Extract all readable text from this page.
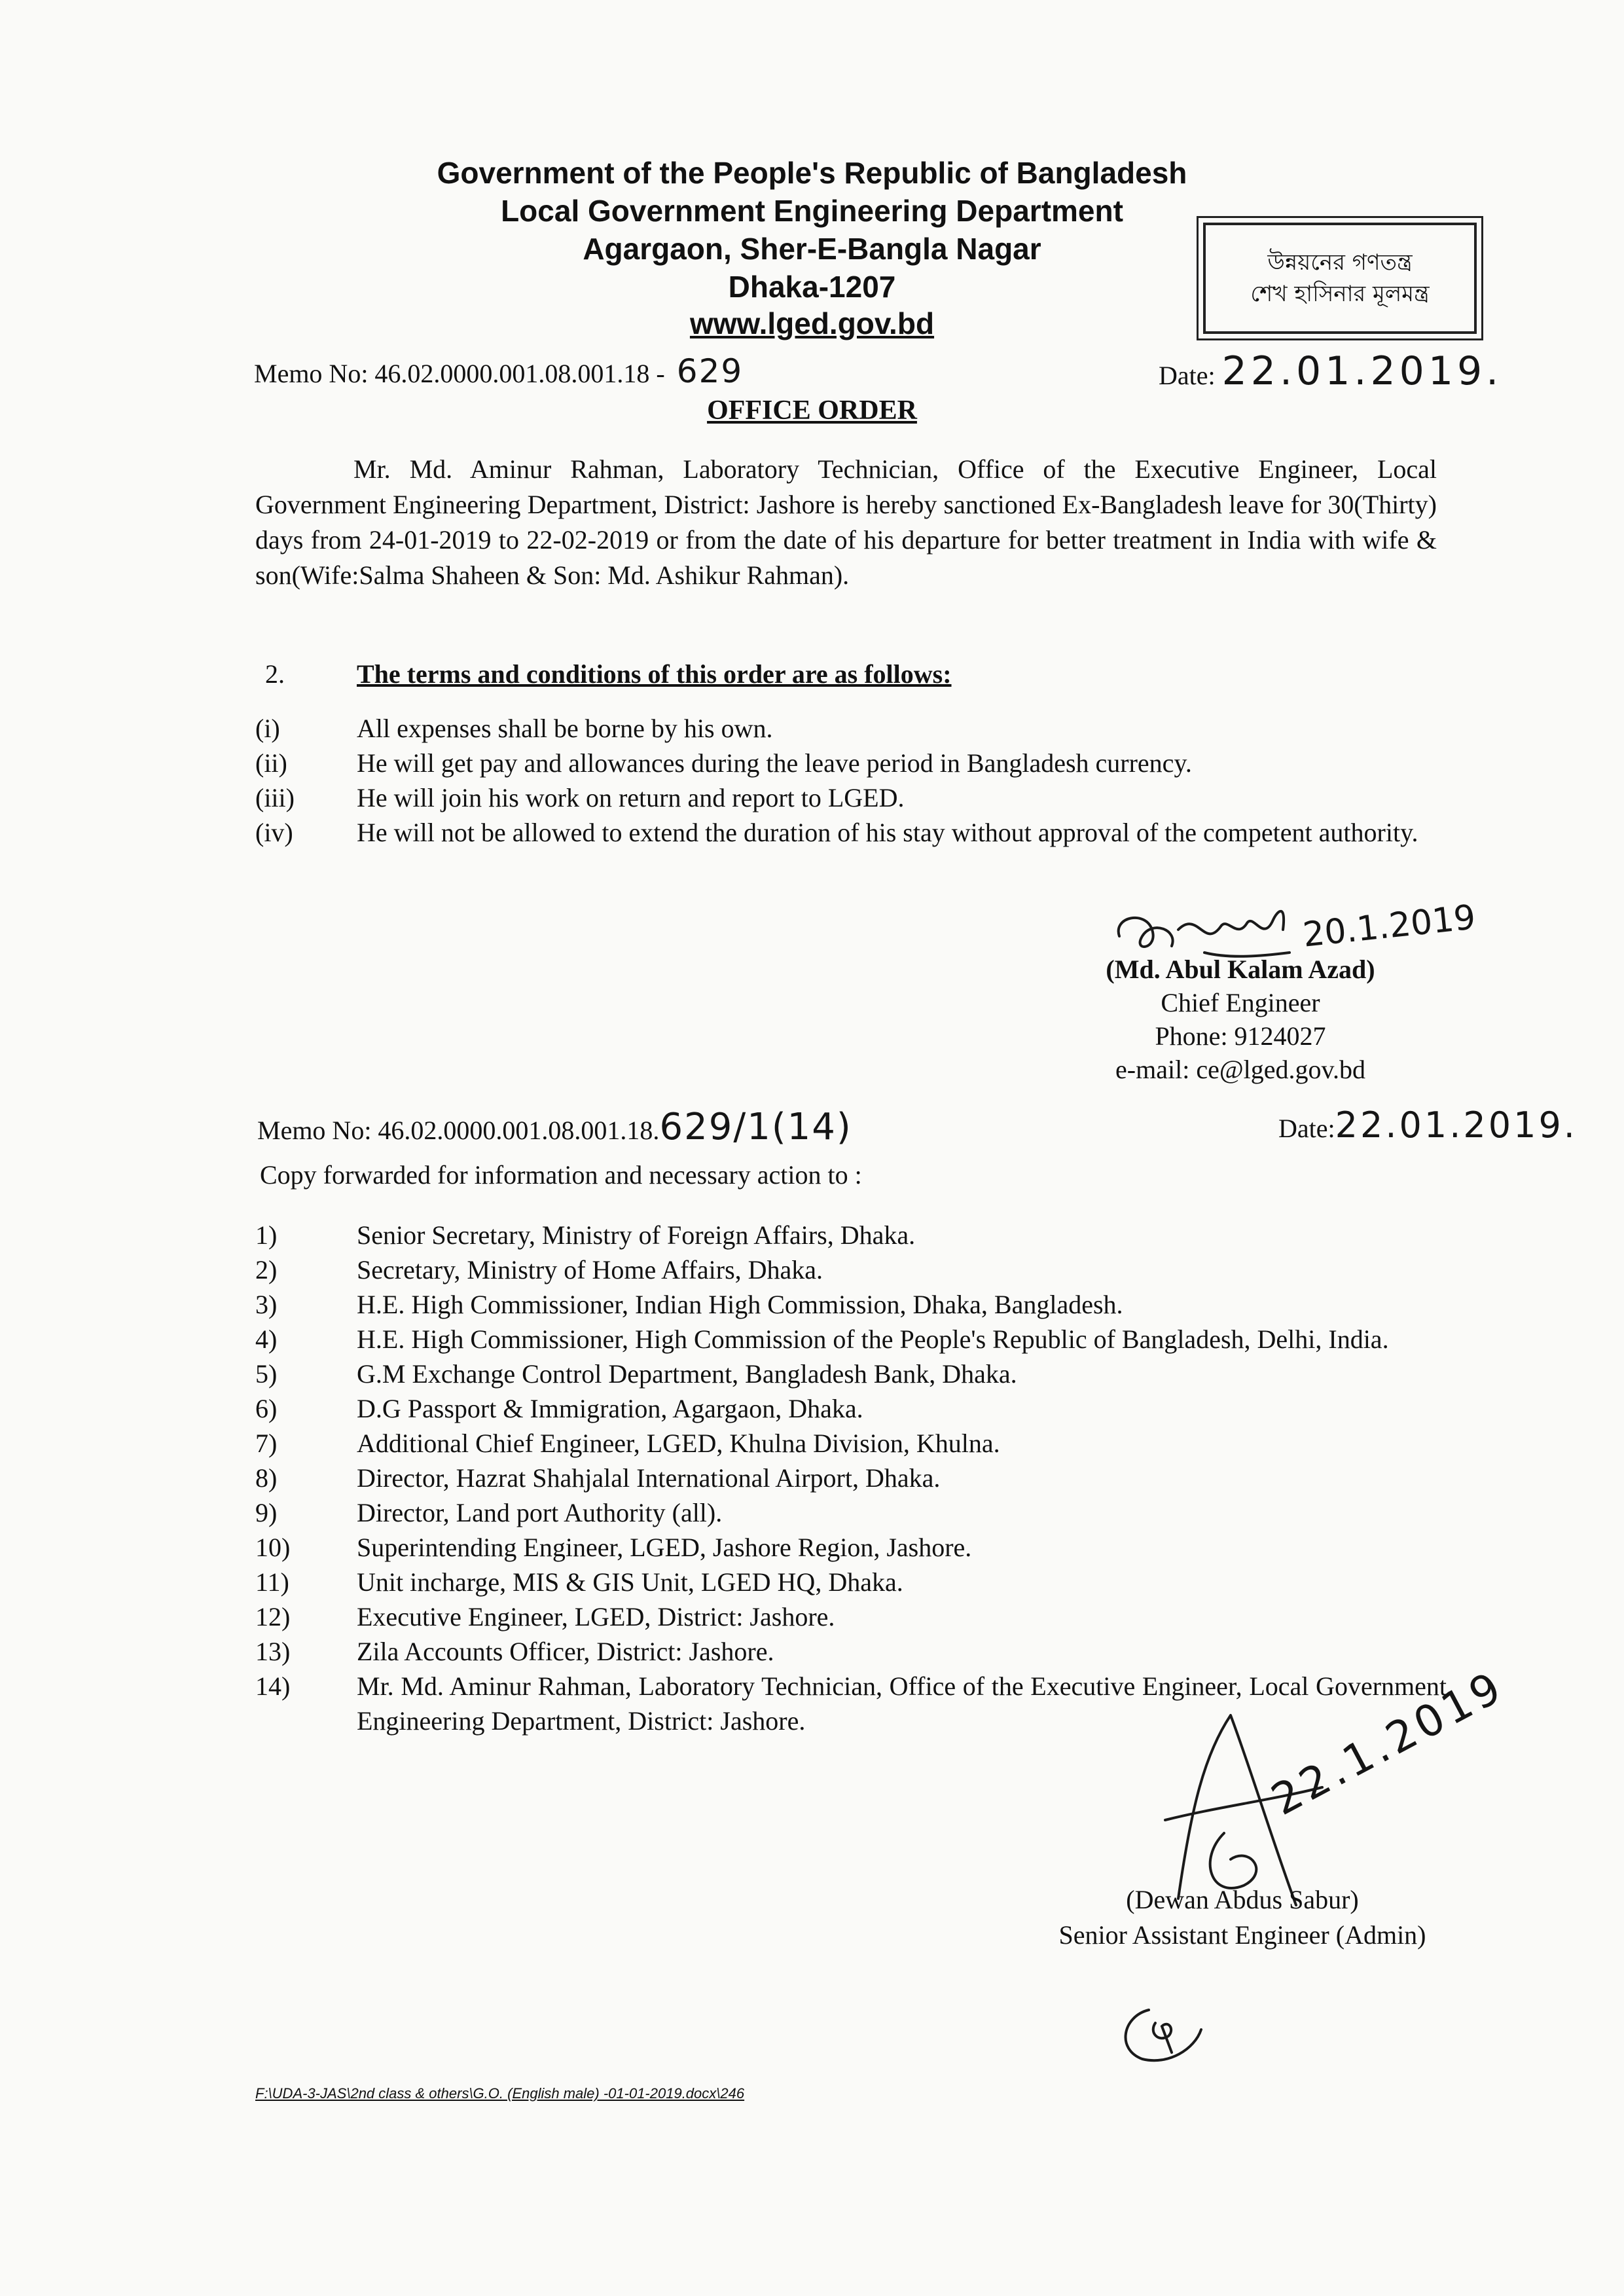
Government of the People's Republic of Bangladesh
Local Government Engineering Department
Agargaon, Sher-E-Bangla Nagar
Dhaka-1207
www.lged.gov.bd
উন্নয়নের গণতন্ত্র
শেখ হাসিনার মূলমন্ত্র
Memo No: 46.02.0000.001.08.001.18 - 629	Date: 22.01.2019.
OFFICE ORDER
Mr. Md. Aminur Rahman, Laboratory Technician, Office of the Executive Engineer, Local Government Engineering Department, District: Jashore is hereby sanctioned Ex-Bangladesh leave for 30(Thirty) days from 24-01-2019 to 22-02-2019 or from the date of his departure for better treatment in India with wife & son(Wife:Salma Shaheen & Son: Md. Ashikur Rahman).
2.	The terms and conditions of this order are as follows:
(i)	All expenses shall be borne by his own.
(ii)	He will get pay and allowances during the leave period in Bangladesh currency.
(iii) He will join his work on return and report to LGED.
(iv) He will not be allowed to extend the duration of his stay without approval of the competent authority.
20.1.2019
(Md. Abul Kalam Azad)
Chief Engineer
Phone: 9124027
e-mail: ce@lged.gov.bd
Memo No: 46.02.0000.001.08.001.18.629/1(14)	Date:22.01.2019.
Copy forwarded for information and necessary action to :
1)	Senior Secretary, Ministry of Foreign Affairs, Dhaka.
2)	Secretary, Ministry of Home Affairs, Dhaka.
3)	H.E. High Commissioner, Indian High Commission, Dhaka, Bangladesh.
4)	H.E. High Commissioner, High Commission of the People's Republic of Bangladesh, Delhi, India.
5)	G.M Exchange Control Department, Bangladesh Bank, Dhaka.
6)	D.G Passport & Immigration, Agargaon, Dhaka.
7)	Additional Chief Engineer, LGED, Khulna Division, Khulna.
8)	Director, Hazrat Shahjalal International Airport, Dhaka.
9)	Director, Land port Authority (all).
10)	Superintending Engineer, LGED, Jashore Region, Jashore.
11)	Unit incharge, MIS & GIS Unit, LGED HQ, Dhaka.
12)	Executive Engineer, LGED, District: Jashore.
13)	Zila Accounts Officer, District: Jashore.
14)	Mr. Md. Aminur Rahman, Laboratory Technician, Office of the Executive Engineer, Local Government Engineering Department, District: Jashore.	22.1.2019
(Dewan Abdus Sabur)
Senior Assistant Engineer (Admin)
F:\UDA-3-JAS\2nd class & others\G.O. (English male) -01-01-2019.docx\246
